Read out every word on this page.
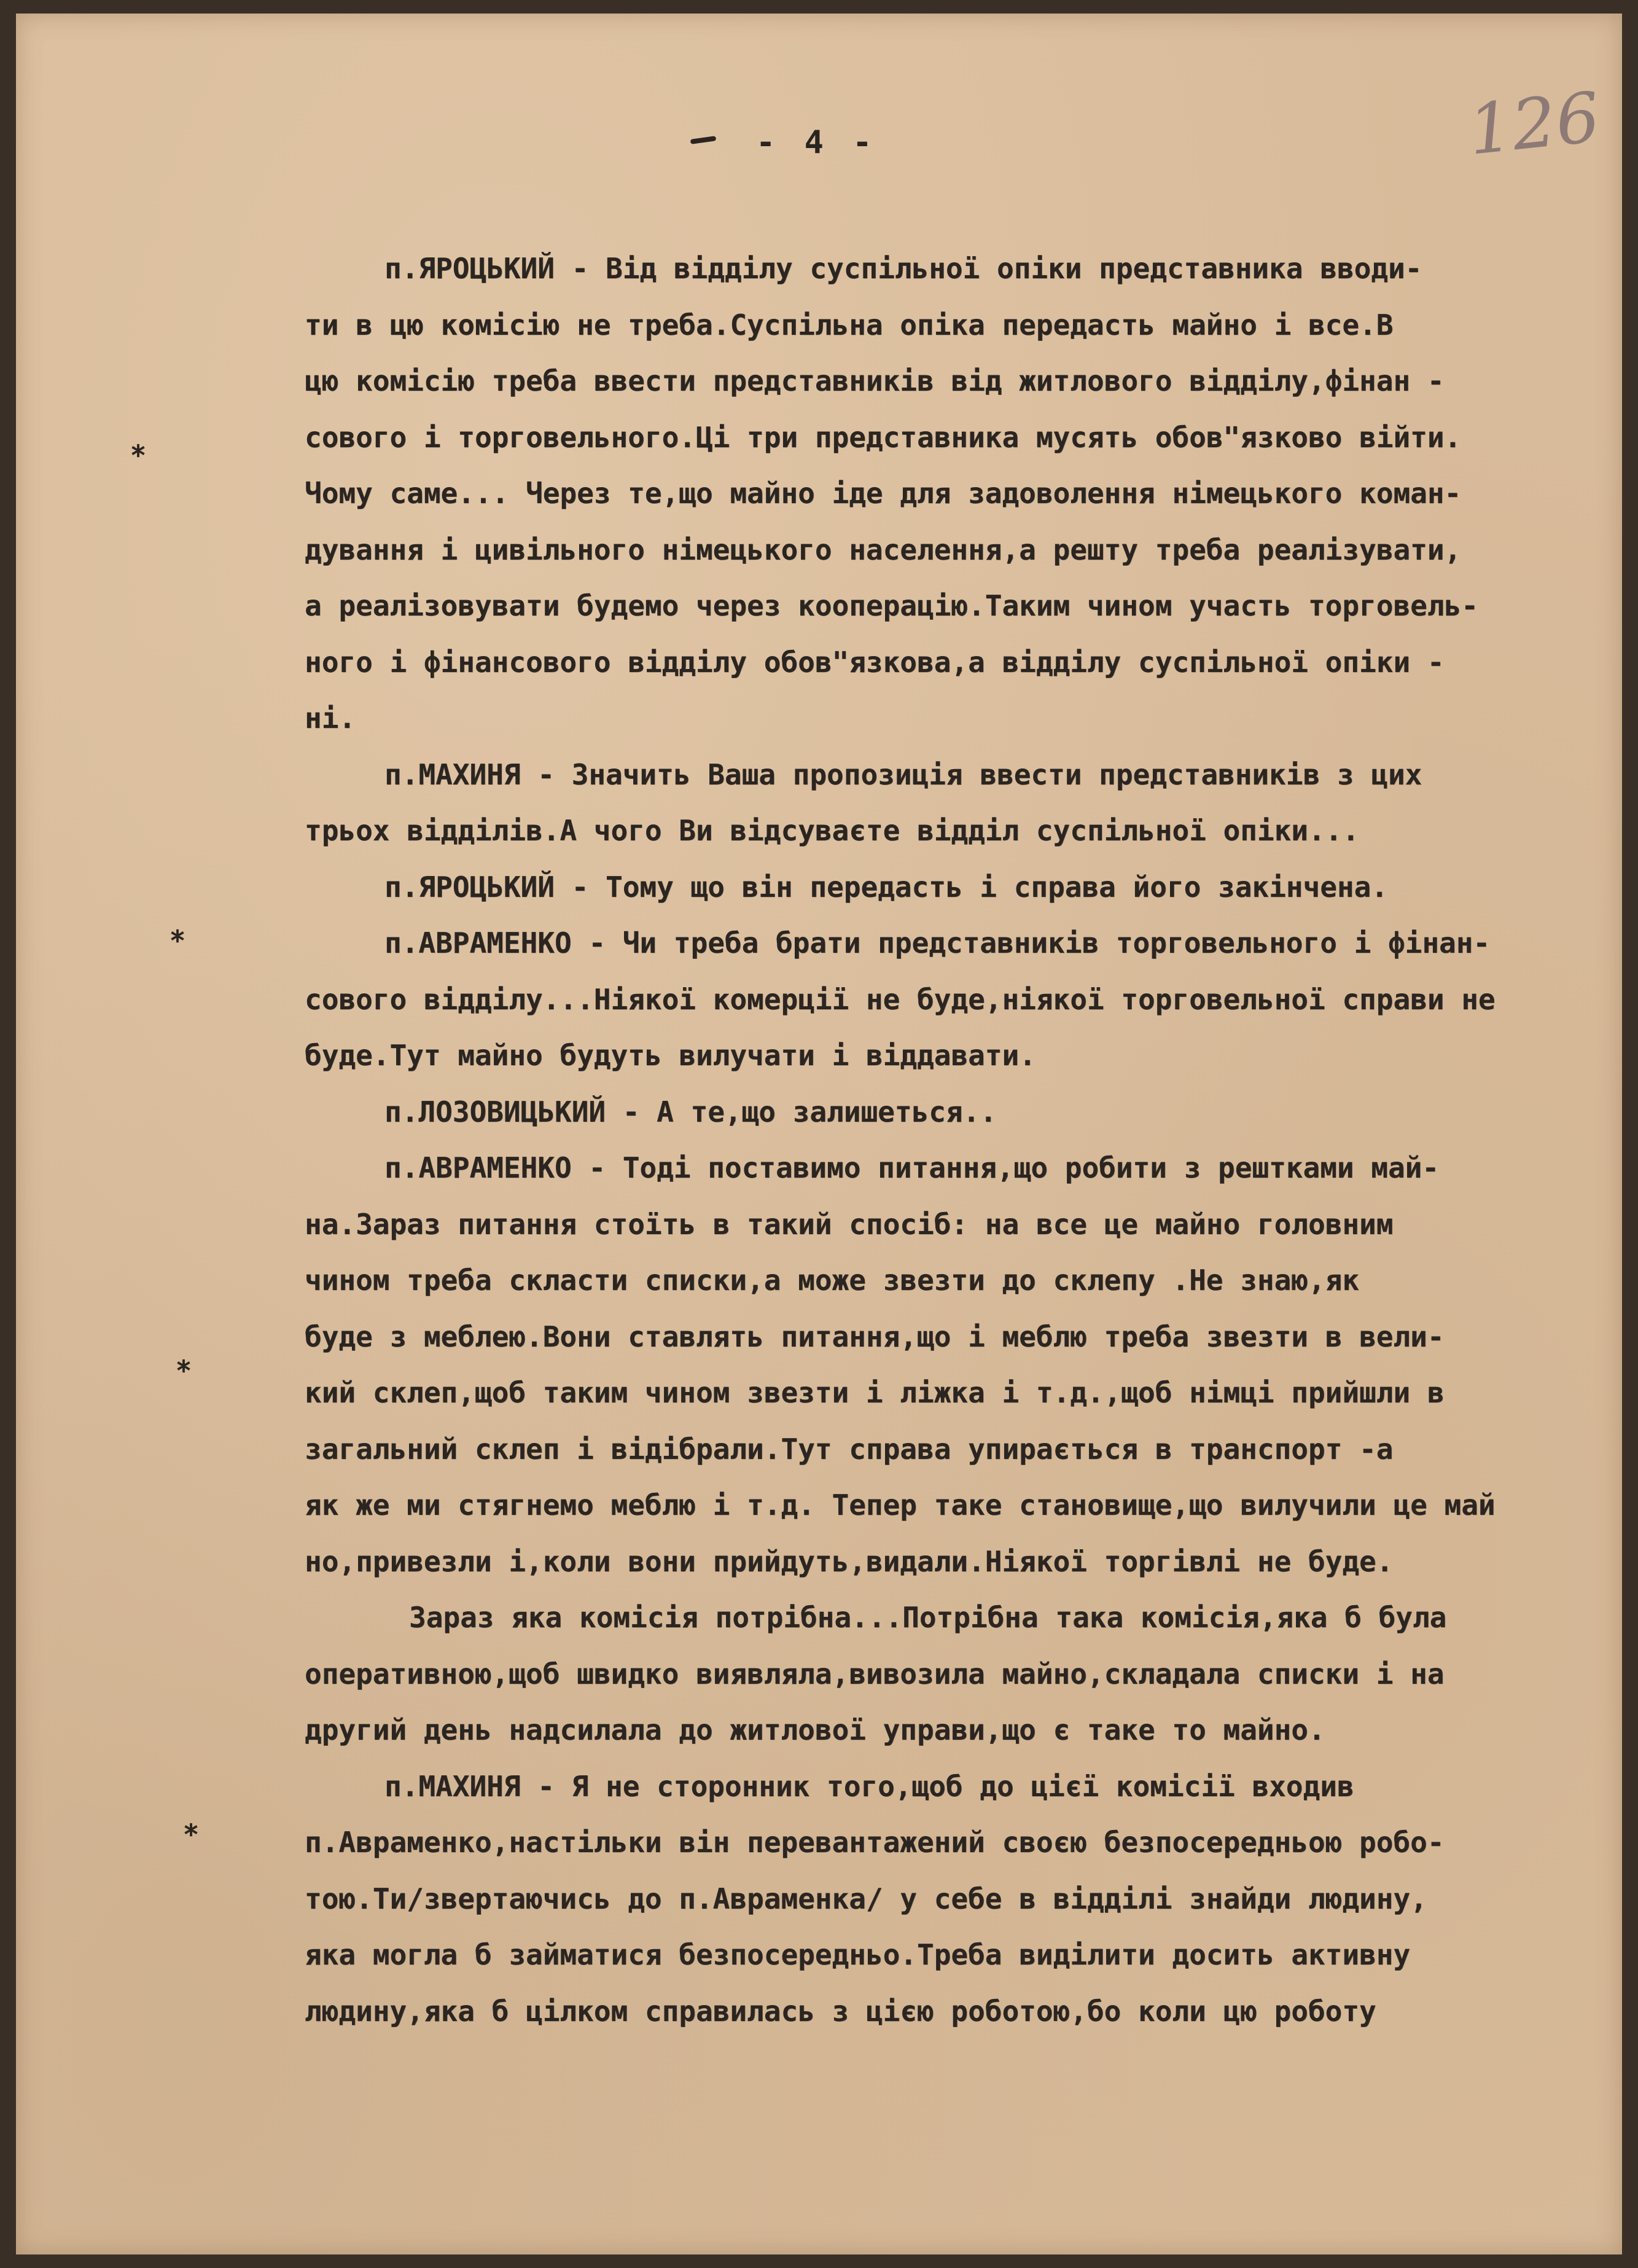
- 4 -	126
⁎
⁎
⁎
⁎
п.ЯРОЦЬКИЙ - Від відділу суспільної опіки представника вводи-
ти в цю комісію не треба.Суспільна опіка передасть майно і все.В
цю комісію треба ввести представників від житлового відділу,фінан -
сового і торговельного.Ці три представника мусять обов"язково війти.
Чому саме... Через те,що майно іде для задоволення німецького коман-
дування і цивільного німецького населення,а решту треба реалізувати,
а реалізовувати будемо через кооперацію.Таким чином участь торговель-
ного і фінансового відділу обов"язкова,а відділу суспільної опіки -
ні.
п.МАХИНЯ - Значить Ваша пропозиція ввести представників з цих
трьох відділів.А чого Ви відсуваєте відділ суспільної опіки...
п.ЯРОЦЬКИЙ - Тому що він передасть і справа його закінчена.
п.АВРАМЕНКО - Чи треба брати представників торговельного і фінан-
сового відділу...Ніякої комерції не буде,ніякої торговельної справи не
буде.Тут майно будуть вилучати і віддавати.
п.ЛОЗОВИЦЬКИЙ - А те,що залишеться..
п.АВРАМЕНКО - Тоді поставимо питання,що робити з рештками май-
на.Зараз питання стоїть в такий спосіб: на все це майно головним
чином треба скласти списки,а може звезти до склепу .Не знаю,як
буде з меблею.Вони ставлять питання,що і меблю треба звезти в вели-
кий склеп,щоб таким чином звезти і ліжка і т.д.,щоб німці прийшли в
загальний склеп і відібрали.Тут справа упирається в транспорт -а
як же ми стягнемо меблю і т.д. Тепер таке становище,що вилучили це май
но,привезли і,коли вони прийдуть,видали.Ніякої торгівлі не буде.
Зараз яка комісія потрібна...Потрібна така комісія,яка б була
оперативною,щоб швидко виявляла,вивозила майно,складала списки і на
другий день надсилала до житлової управи,що є таке то майно.
п.МАХИНЯ - Я не сторонник того,щоб до цієї комісії входив
п.Авраменко,настільки він перевантажений своєю безпосередньою робо-
тою.Ти/звертаючись до п.Авраменка/ у себе в відділі знайди людину,
яка могла б займатися безпосередньо.Треба виділити досить активну
людину,яка б цілком справилась з цією роботою,бо коли цю роботу
